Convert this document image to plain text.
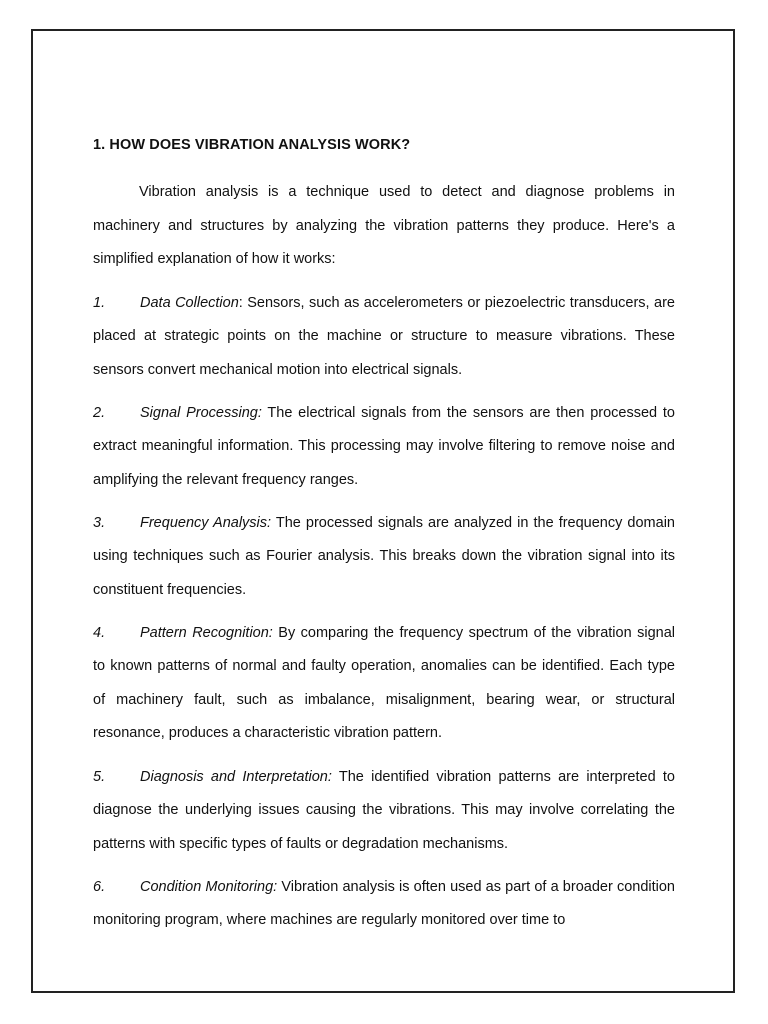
1. HOW DOES VIBRATION ANALYSIS WORK?

Vibration analysis is a technique used to detect and diagnose problems in machinery and structures by analyzing the vibration patterns they produce. Here's a simplified explanation of how it works:

1. Data Collection: Sensors, such as accelerometers or piezoelectric transducers, are placed at strategic points on the machine or structure to measure vibrations. These sensors convert mechanical motion into electrical signals.

2. Signal Processing: The electrical signals from the sensors are then processed to extract meaningful information. This processing may involve filtering to remove noise and amplifying the relevant frequency ranges.

3. Frequency Analysis: The processed signals are analyzed in the frequency domain using techniques such as Fourier analysis. This breaks down the vibration signal into its constituent frequencies.

4. Pattern Recognition: By comparing the frequency spectrum of the vibration signal to known patterns of normal and faulty operation, anomalies can be identified. Each type of machinery fault, such as imbalance, misalignment, bearing wear, or structural resonance, produces a characteristic vibration pattern.

5. Diagnosis and Interpretation: The identified vibration patterns are interpreted to diagnose the underlying issues causing the vibrations. This may involve correlating the patterns with specific types of faults or degradation mechanisms.

6. Condition Monitoring: Vibration analysis is often used as part of a broader condition monitoring program, where machines are regularly monitored over time to
